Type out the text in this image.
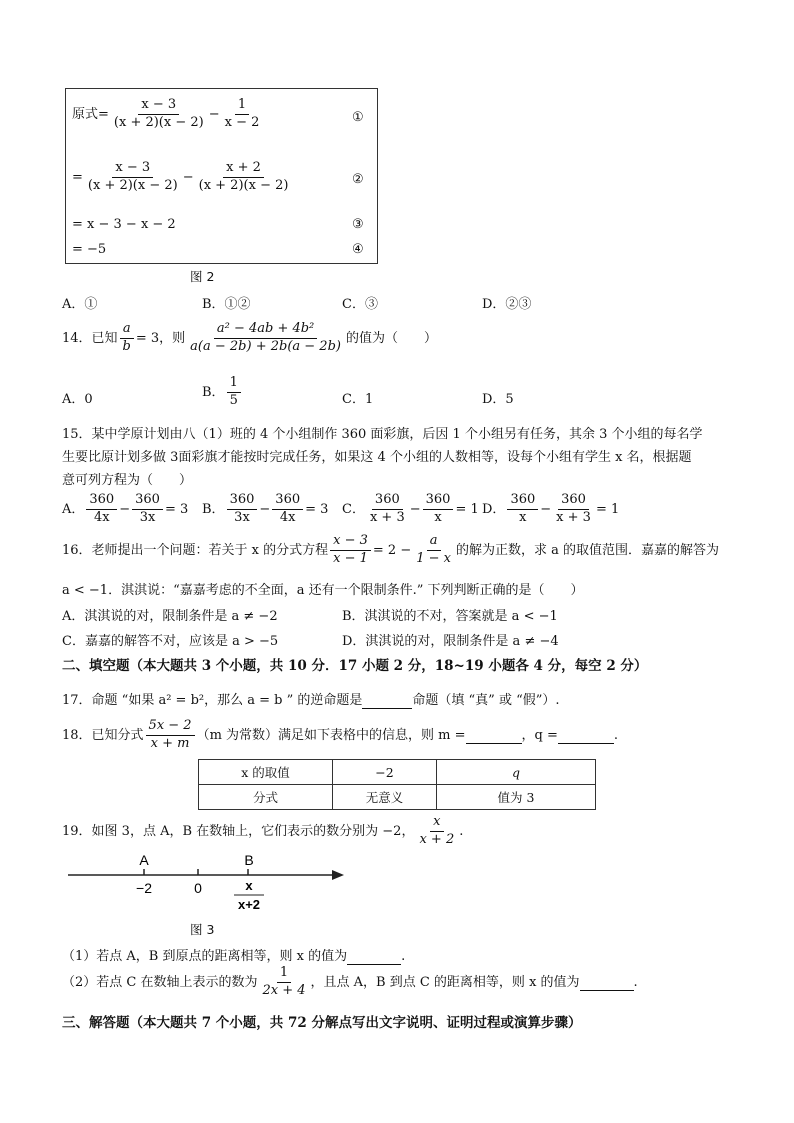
原式= $\frac{x - 3}{(x + 2)(x - 2)} - \frac{1}{x - 2}$	①
= $\frac{x - 3}{(x + 2)(x - 2)} - \frac{x + 2}{(x + 2)(x - 2)}$	②
= x − 3 − x − 2	③
= −5	④
图 2
A．①	B．①②	C．③	D．②③
14．已知 $\frac{a}{b} = 3$，则 $\frac{\text{a² − 4ab + 4b²}}{a(a - 2b) + 2b(a - 2b)}$ 的值为（　　）
A．0	B． $\frac{1}{5}$	C．1	D．5
15．某中学原计划由八（1）班的 4 个小组制作 360 面彩旗，后因 1 个小组另有任务，其余 3 个小组的每名学
生要比原计划多做 3面彩旗才能按时完成任务，如果这 4 个小组的人数相等，设每个小组有学生 x 名，根据题
意可列方程为（　　）
A． $\frac{360}{4x} - \frac{360}{3x} = 3$ B． $\frac{360}{3x} - \frac{360}{4x} = 3$ C． $\frac{360}{x + 3} - \frac{360}{x} = 1$ D． $\frac{360}{x} - \frac{360}{x + 3} = 1$
16．老师提出一个问题：若关于 x 的分式方程 $\frac{x - 3}{x - 1} = 2 - \frac{a}{1 - x}$ 的解为正数，求 a 的取值范围．嘉嘉的解答为
a < −1．淇淇说：“嘉嘉考虑的不全面，a 还有一个限制条件.” 下列判断正确的是（　　）
A．淇淇说的对，限制条件是 a ≠ −2	B．淇淇说的不对，答案就是 a < −1
C．嘉嘉的解答不对，应该是 a > −5	D．淇淇说的对，限制条件是 a ≠ −4
二、填空题（本大题共 3 个小题，共 10 分．17 小题 2 分，18~19 小题各 4 分，每空 2 分）
17．命题 “如果 a² = b²，那么 a = b ” 的逆命题是	命题（填 “真” 或 “假”）.
18．已知分式 $\frac{5x - 2}{x + m} (m$ 为常数）满足如下表格中的信息，则 m =	，q =	.
x 的取值	−2	q
分式	无意义	值为 3
19．如图 3，点 A，B 在数轴上，它们表示的数分别为 −2， $\frac{x}{x + 2}$ .
A	B
−2	0	x
x+2
图 3
（1）若点 A，B 到原点的距离相等，则 x 的值为	.
（2）若点 C 在数轴上表示的数为 $\frac{1}{2x + 4}$ ，且点 A，B 到点 C 的距离相等，则 x 的值为	.
三、解答题（本大题共 7 个小题，共 72 分解点写出文字说明、证明过程或演算步骤）
